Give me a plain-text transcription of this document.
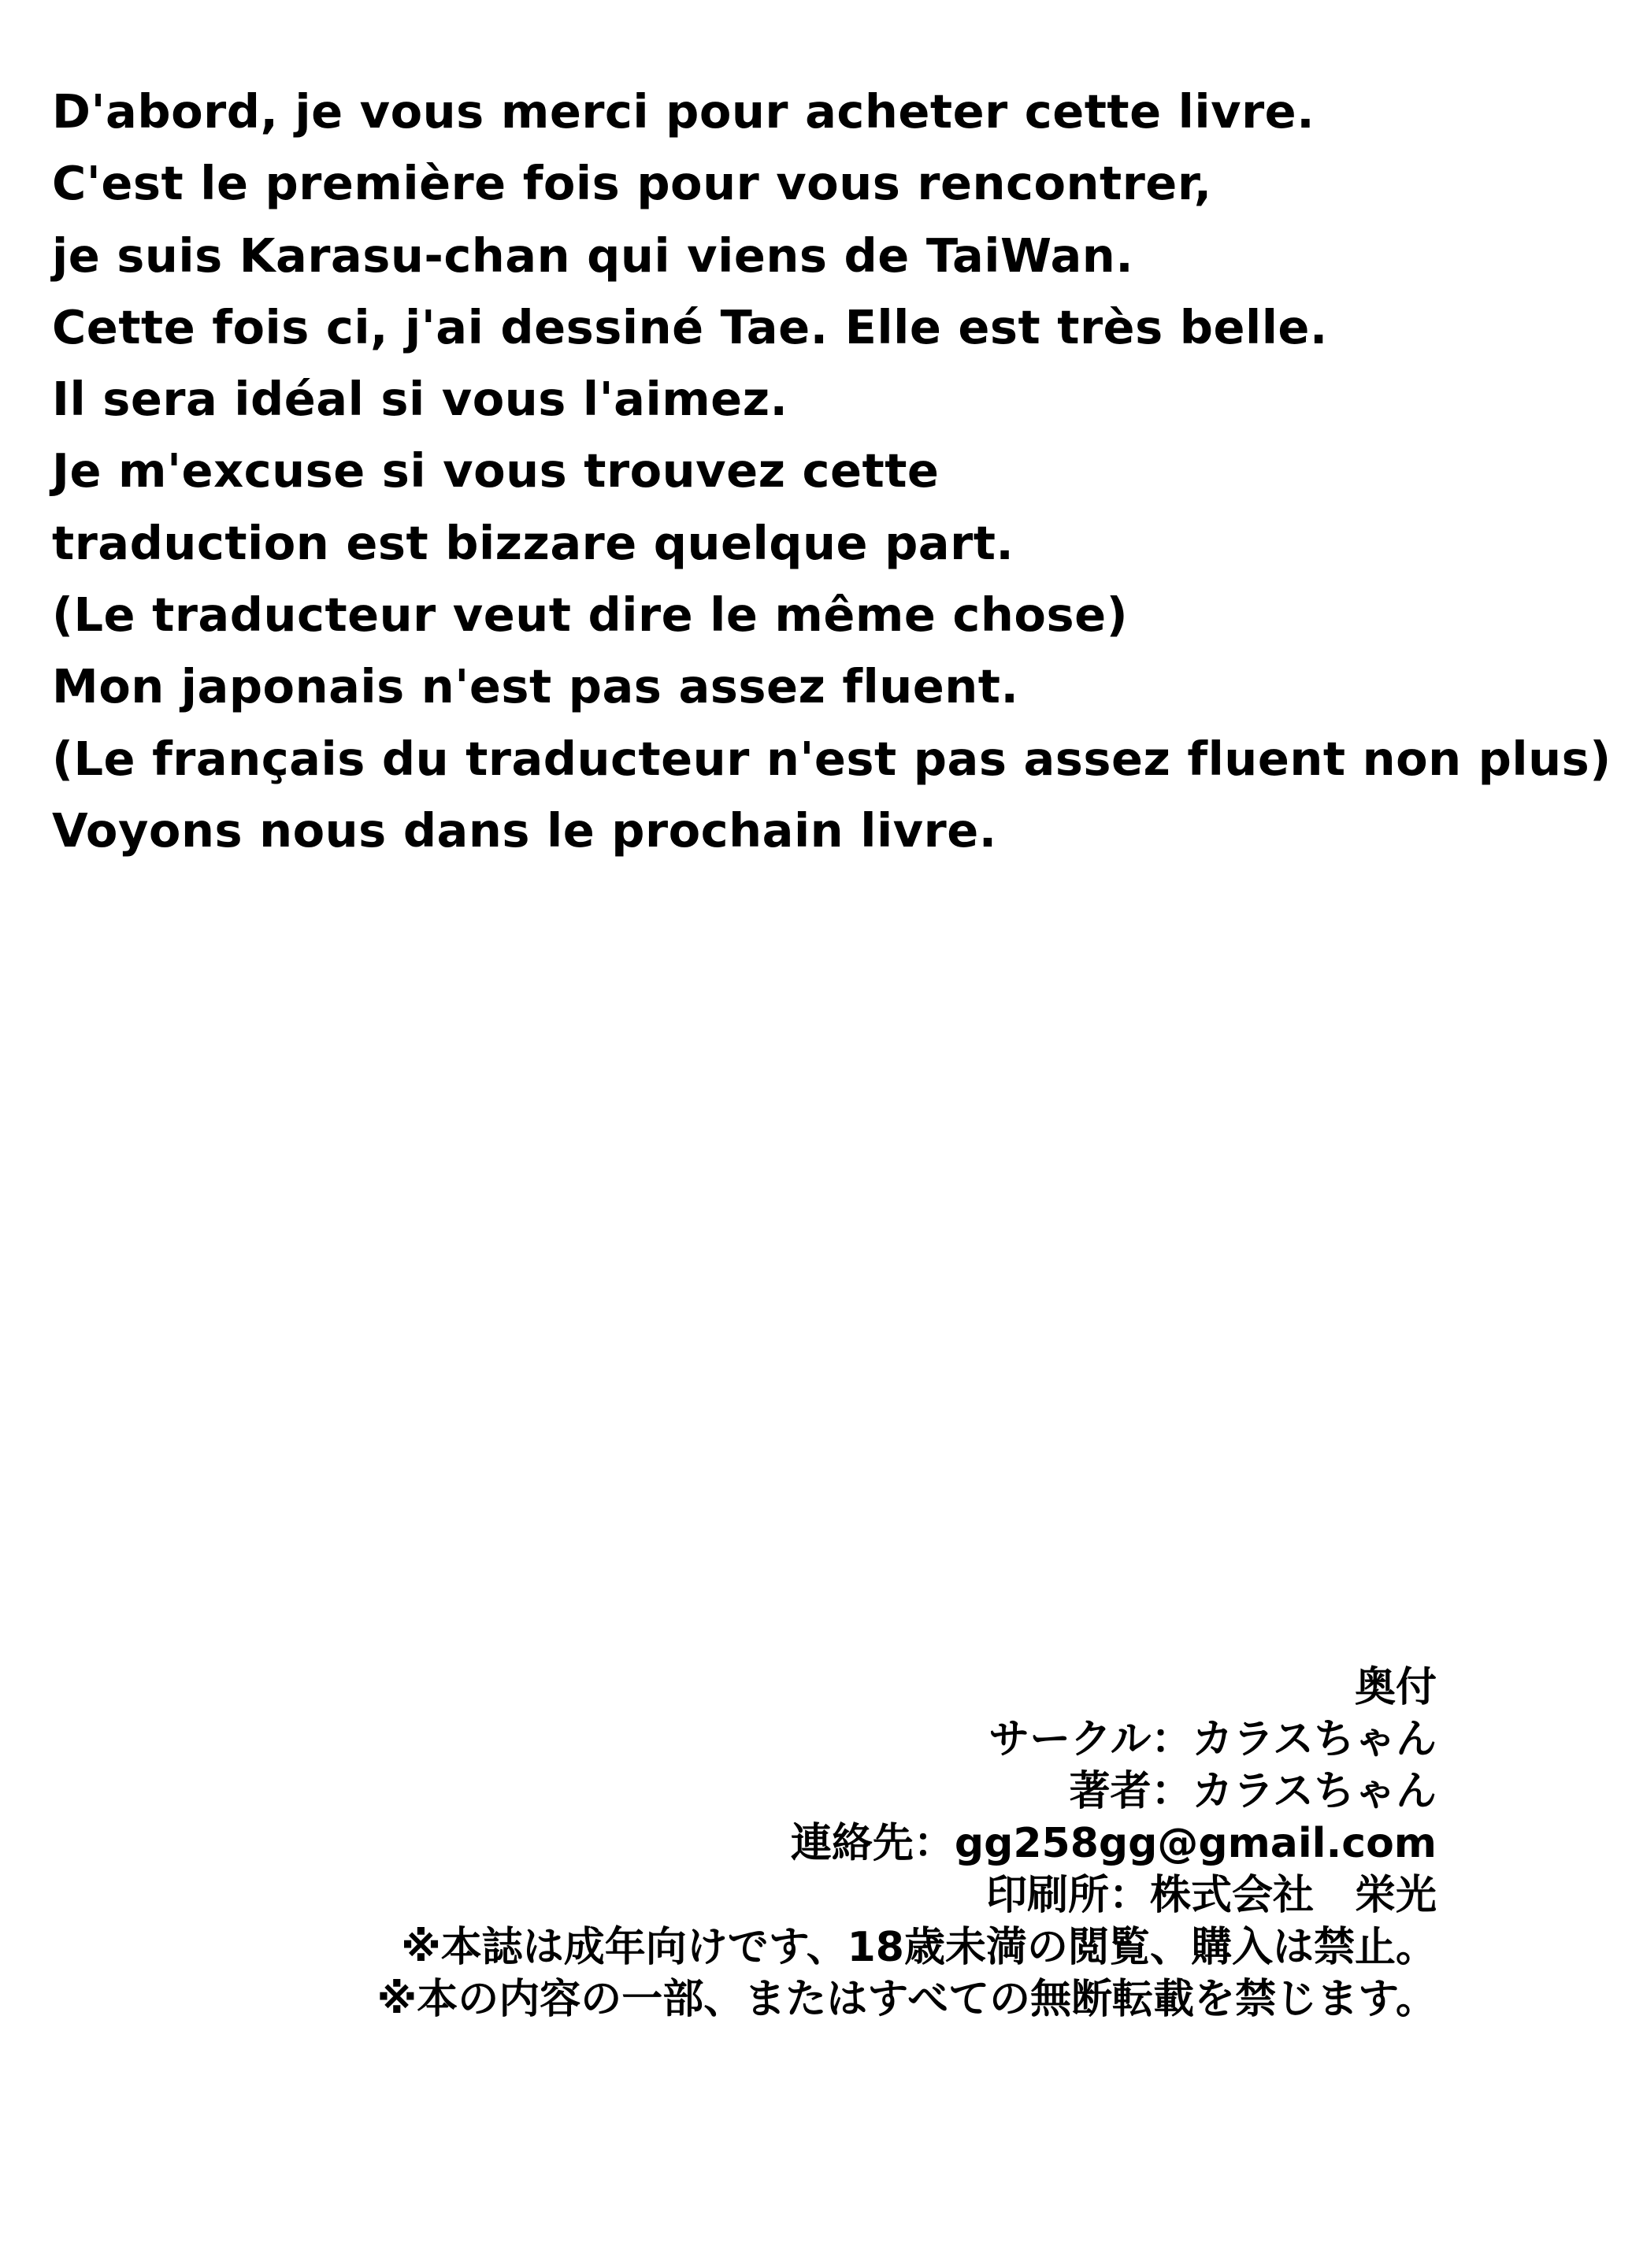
D'abord, je vous merci pour acheter cette livre.
C'est le première fois pour vous rencontrer,
je suis Karasu-chan qui viens de TaiWan.
Cette fois ci, j'ai dessiné Tae. Elle est très belle.
Il sera idéal si vous l'aimez.
Je m'excuse si vous trouvez cette
traduction est bizzare quelque part.
(Le traducteur veut dire le même chose)
Mon japonais n'est pas assez fluent.
(Le français du traducteur n'est pas assez fluent non plus)
Voyons nous dans le prochain livre.
奥付
サークル：カラスちゃん
著者：カラスちゃん
連絡先：gg258gg@gmail.com
印刷所：株式会社　栄光
※本誌は成年向けです、18歳未満の閲覧、購入は禁止。
※本の内容の一部、またはすべての無断転載を禁じます。
